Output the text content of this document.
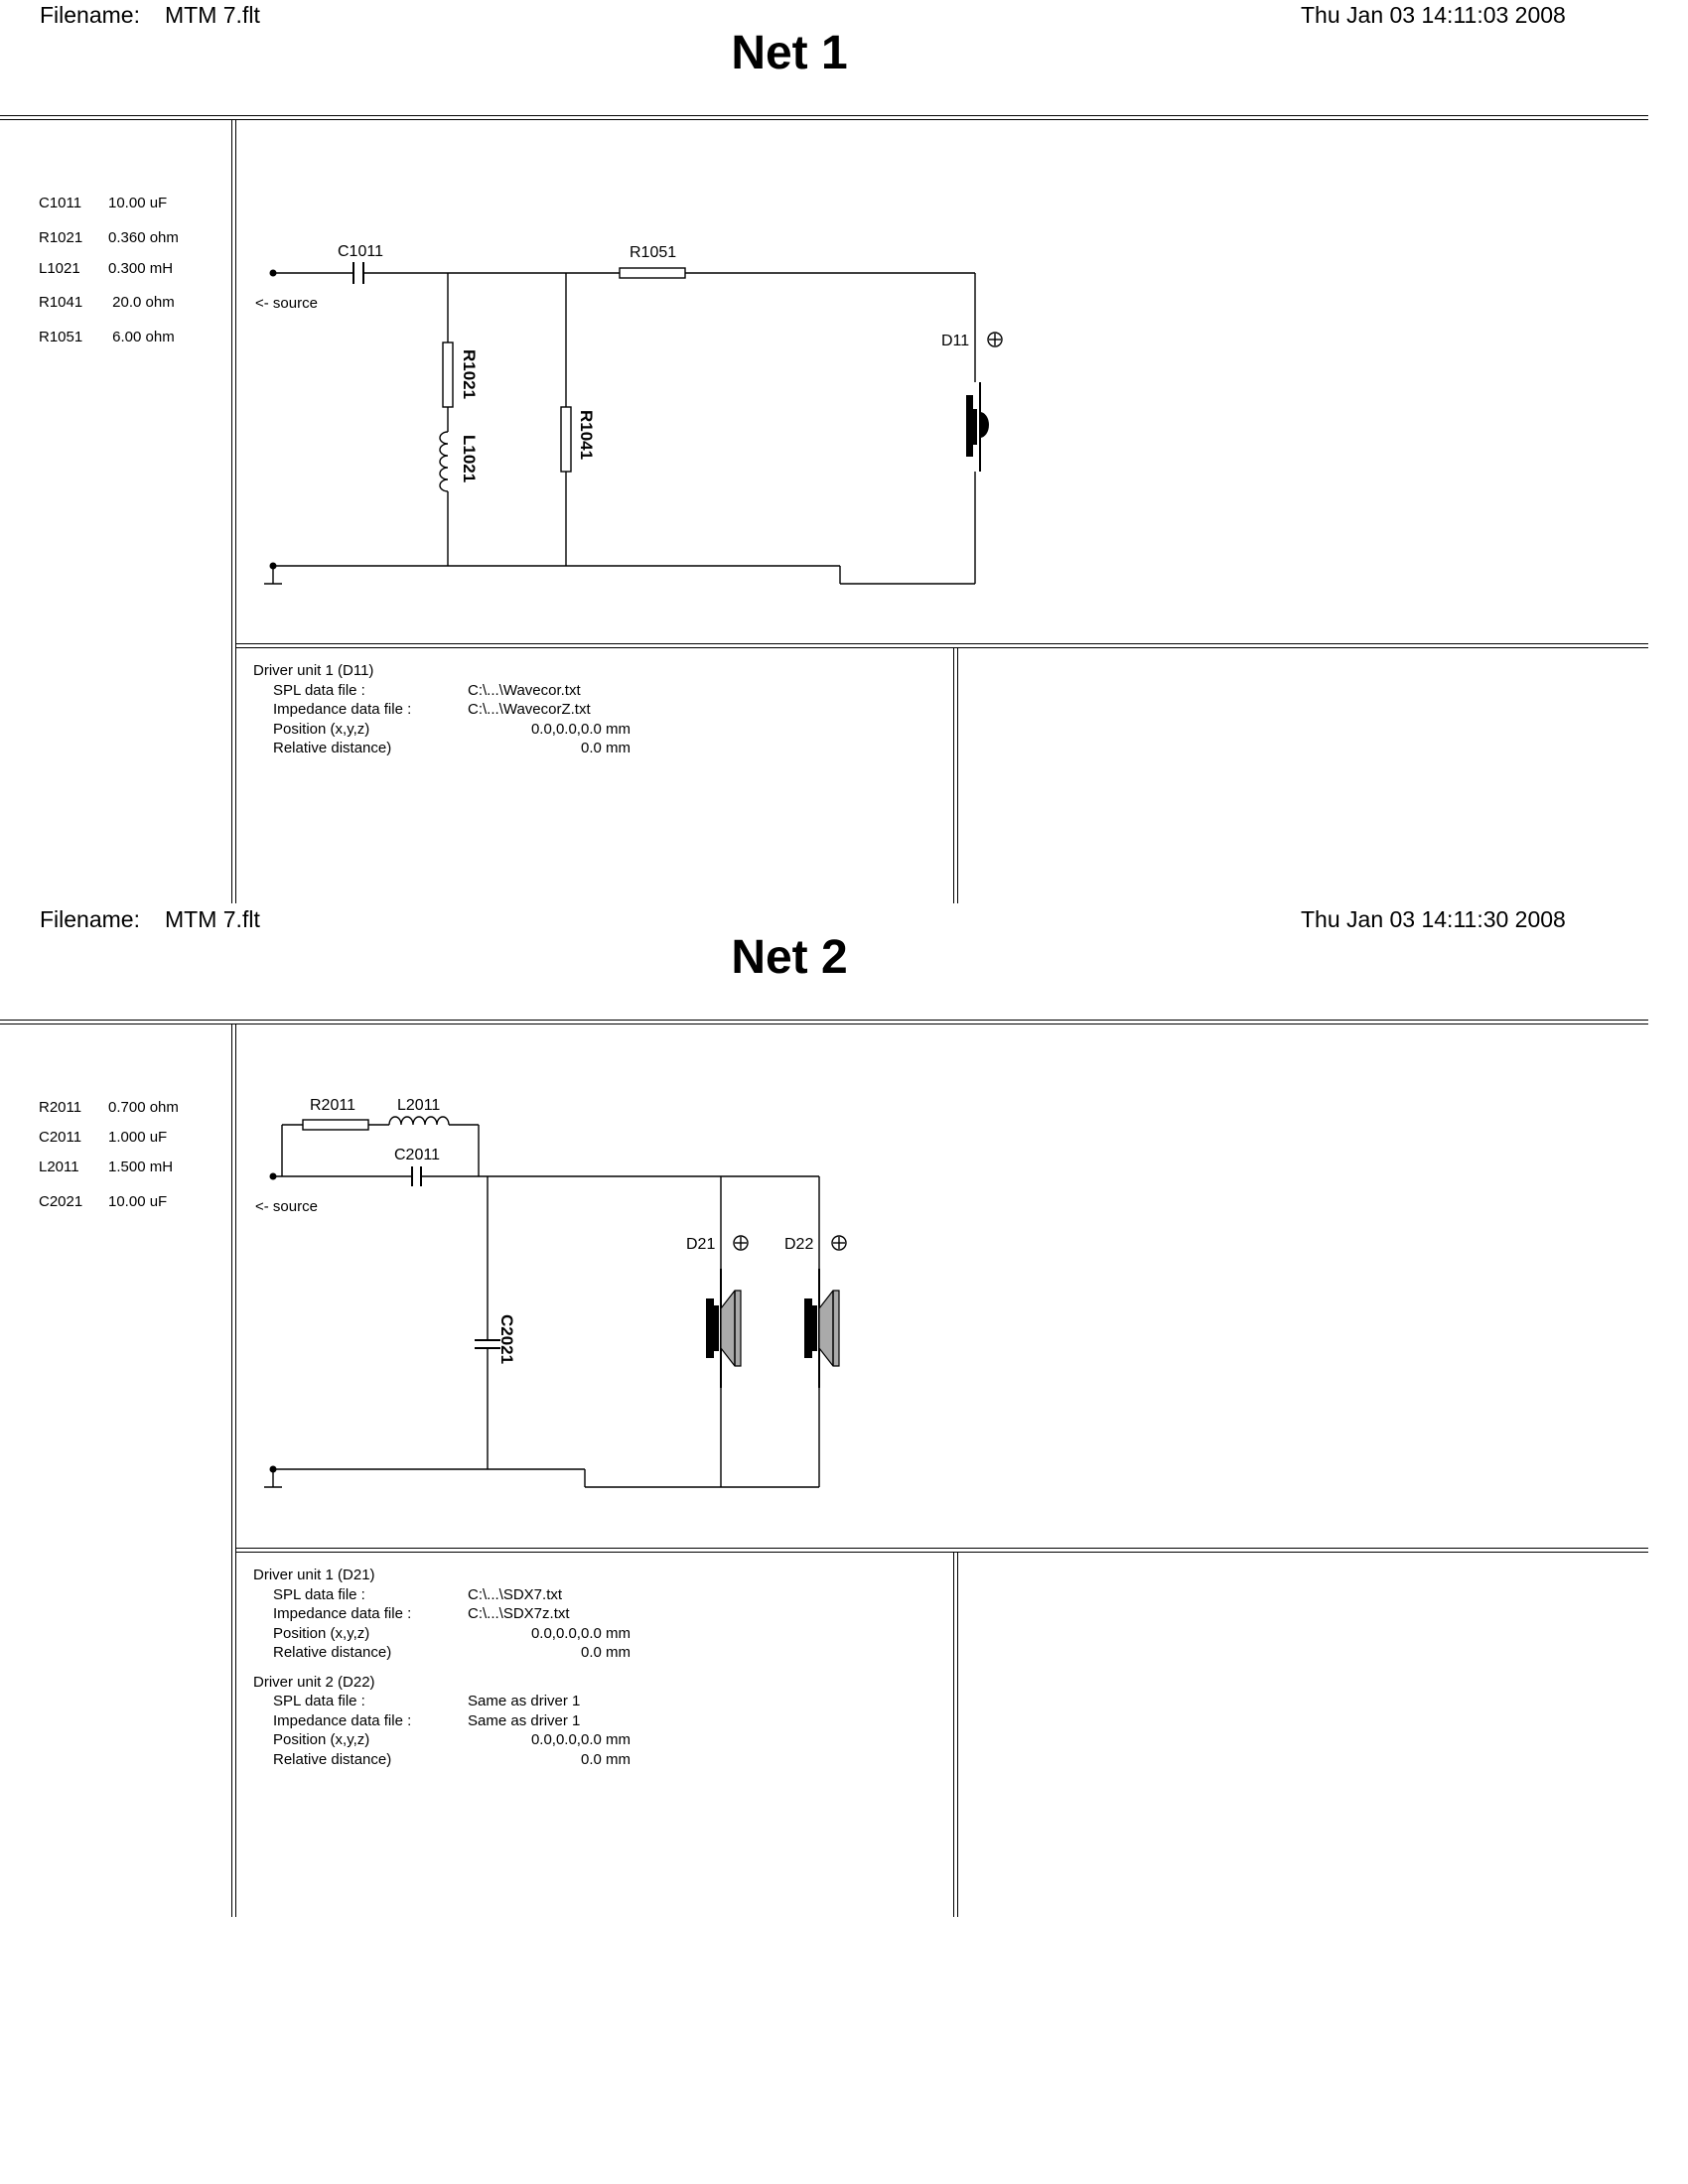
Filename: MTM 7.flt	Thu Jan 03 14:11:03 2008
Net 1
C1011 10.00 uF
R1021 0.360 ohm
L1021 0.300 mH
R1041 20.0 ohm
R1051 6.00 ohm
C1011	R1051
<- source
D11
R1021
L1021	R1041
Driver unit 1 (D11)
SPL data file :	C:\...\Wavecor.txt
Impedance data file :	C:\...\WavecorZ.txt
Position (x,y,z)	0.0,0.0,0.0 mm
Relative distance)	0.0 mm
Filename: MTM 7.flt	Thu Jan 03 14:11:30 2008
Net 2
R2011 0.700 ohm
C2011 1.000 uF
L2011 1.500 mH
C2021 10.00 uF
R2011	L2011
C2011
<- source
D21	D22
C2021
Driver unit 1 (D21)
SPL data file :	C:\...\SDX7.txt
Impedance data file :	C:\...\SDX7z.txt
Position (x,y,z)	0.0,0.0,0.0 mm
Relative distance)	0.0 mm
Driver unit 2 (D22)
SPL data file :	Same as driver 1
Impedance data file :	Same as driver 1
Position (x,y,z)	0.0,0.0,0.0 mm
Relative distance)	0.0 mm
